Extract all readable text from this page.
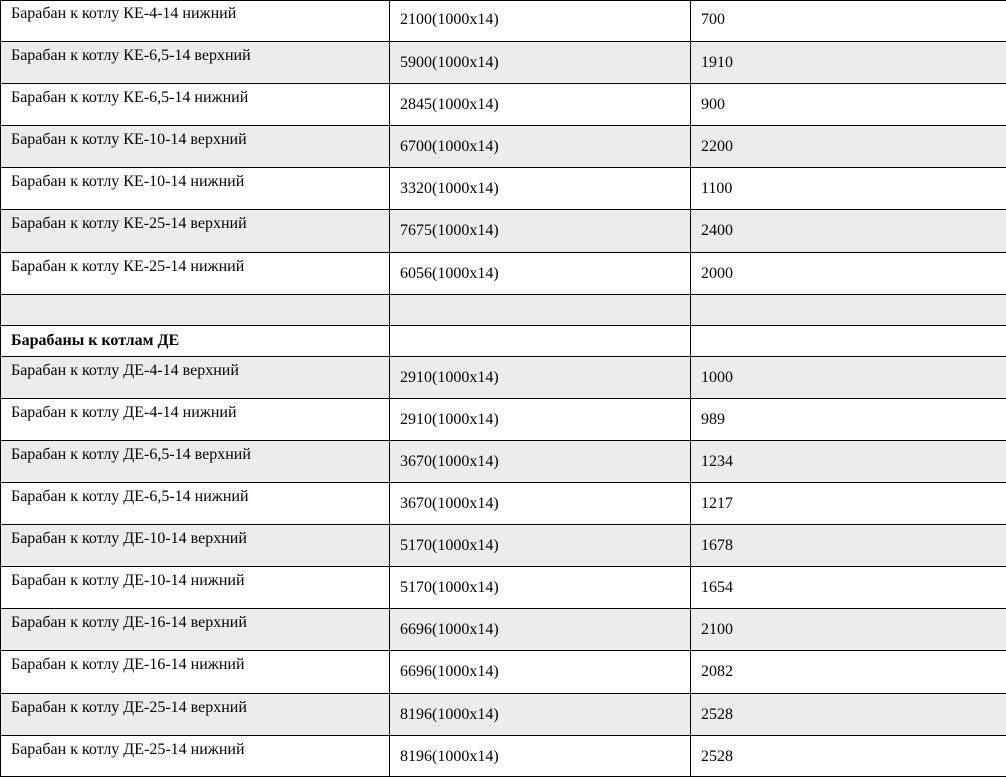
Барабан к котлу КЕ-4-14 нижний	2100(1000х14)	700
Барабан к котлу КЕ-6,5-14 верхний	5900(1000х14)	1910
Барабан к котлу КЕ-6,5-14 нижний	2845(1000х14)	900
Барабан к котлу КЕ-10-14 верхний	6700(1000х14)	2200
Барабан к котлу КЕ-10-14 нижний	3320(1000х14)	1100
Барабан к котлу КЕ-25-14 верхний	7675(1000х14)	2400
Барабан к котлу КЕ-25-14 нижний	6056(1000х14)	2000

Барабаны к котлам ДЕ		
Барабан к котлу ДЕ-4-14 верхний	2910(1000х14)	1000
Барабан к котлу ДЕ-4-14 нижний	2910(1000х14)	989
Барабан к котлу ДЕ-6,5-14 верхний	3670(1000х14)	1234
Барабан к котлу ДЕ-6,5-14 нижний	3670(1000х14)	1217
Барабан к котлу ДЕ-10-14 верхний	5170(1000х14)	1678
Барабан к котлу ДЕ-10-14 нижний	5170(1000х14)	1654
Барабан к котлу ДЕ-16-14 верхний	6696(1000х14)	2100
Барабан к котлу ДЕ-16-14 нижний	6696(1000х14)	2082
Барабан к котлу ДЕ-25-14 верхний	8196(1000х14)	2528
Барабан к котлу ДЕ-25-14 нижний	8196(1000х14)	2528
